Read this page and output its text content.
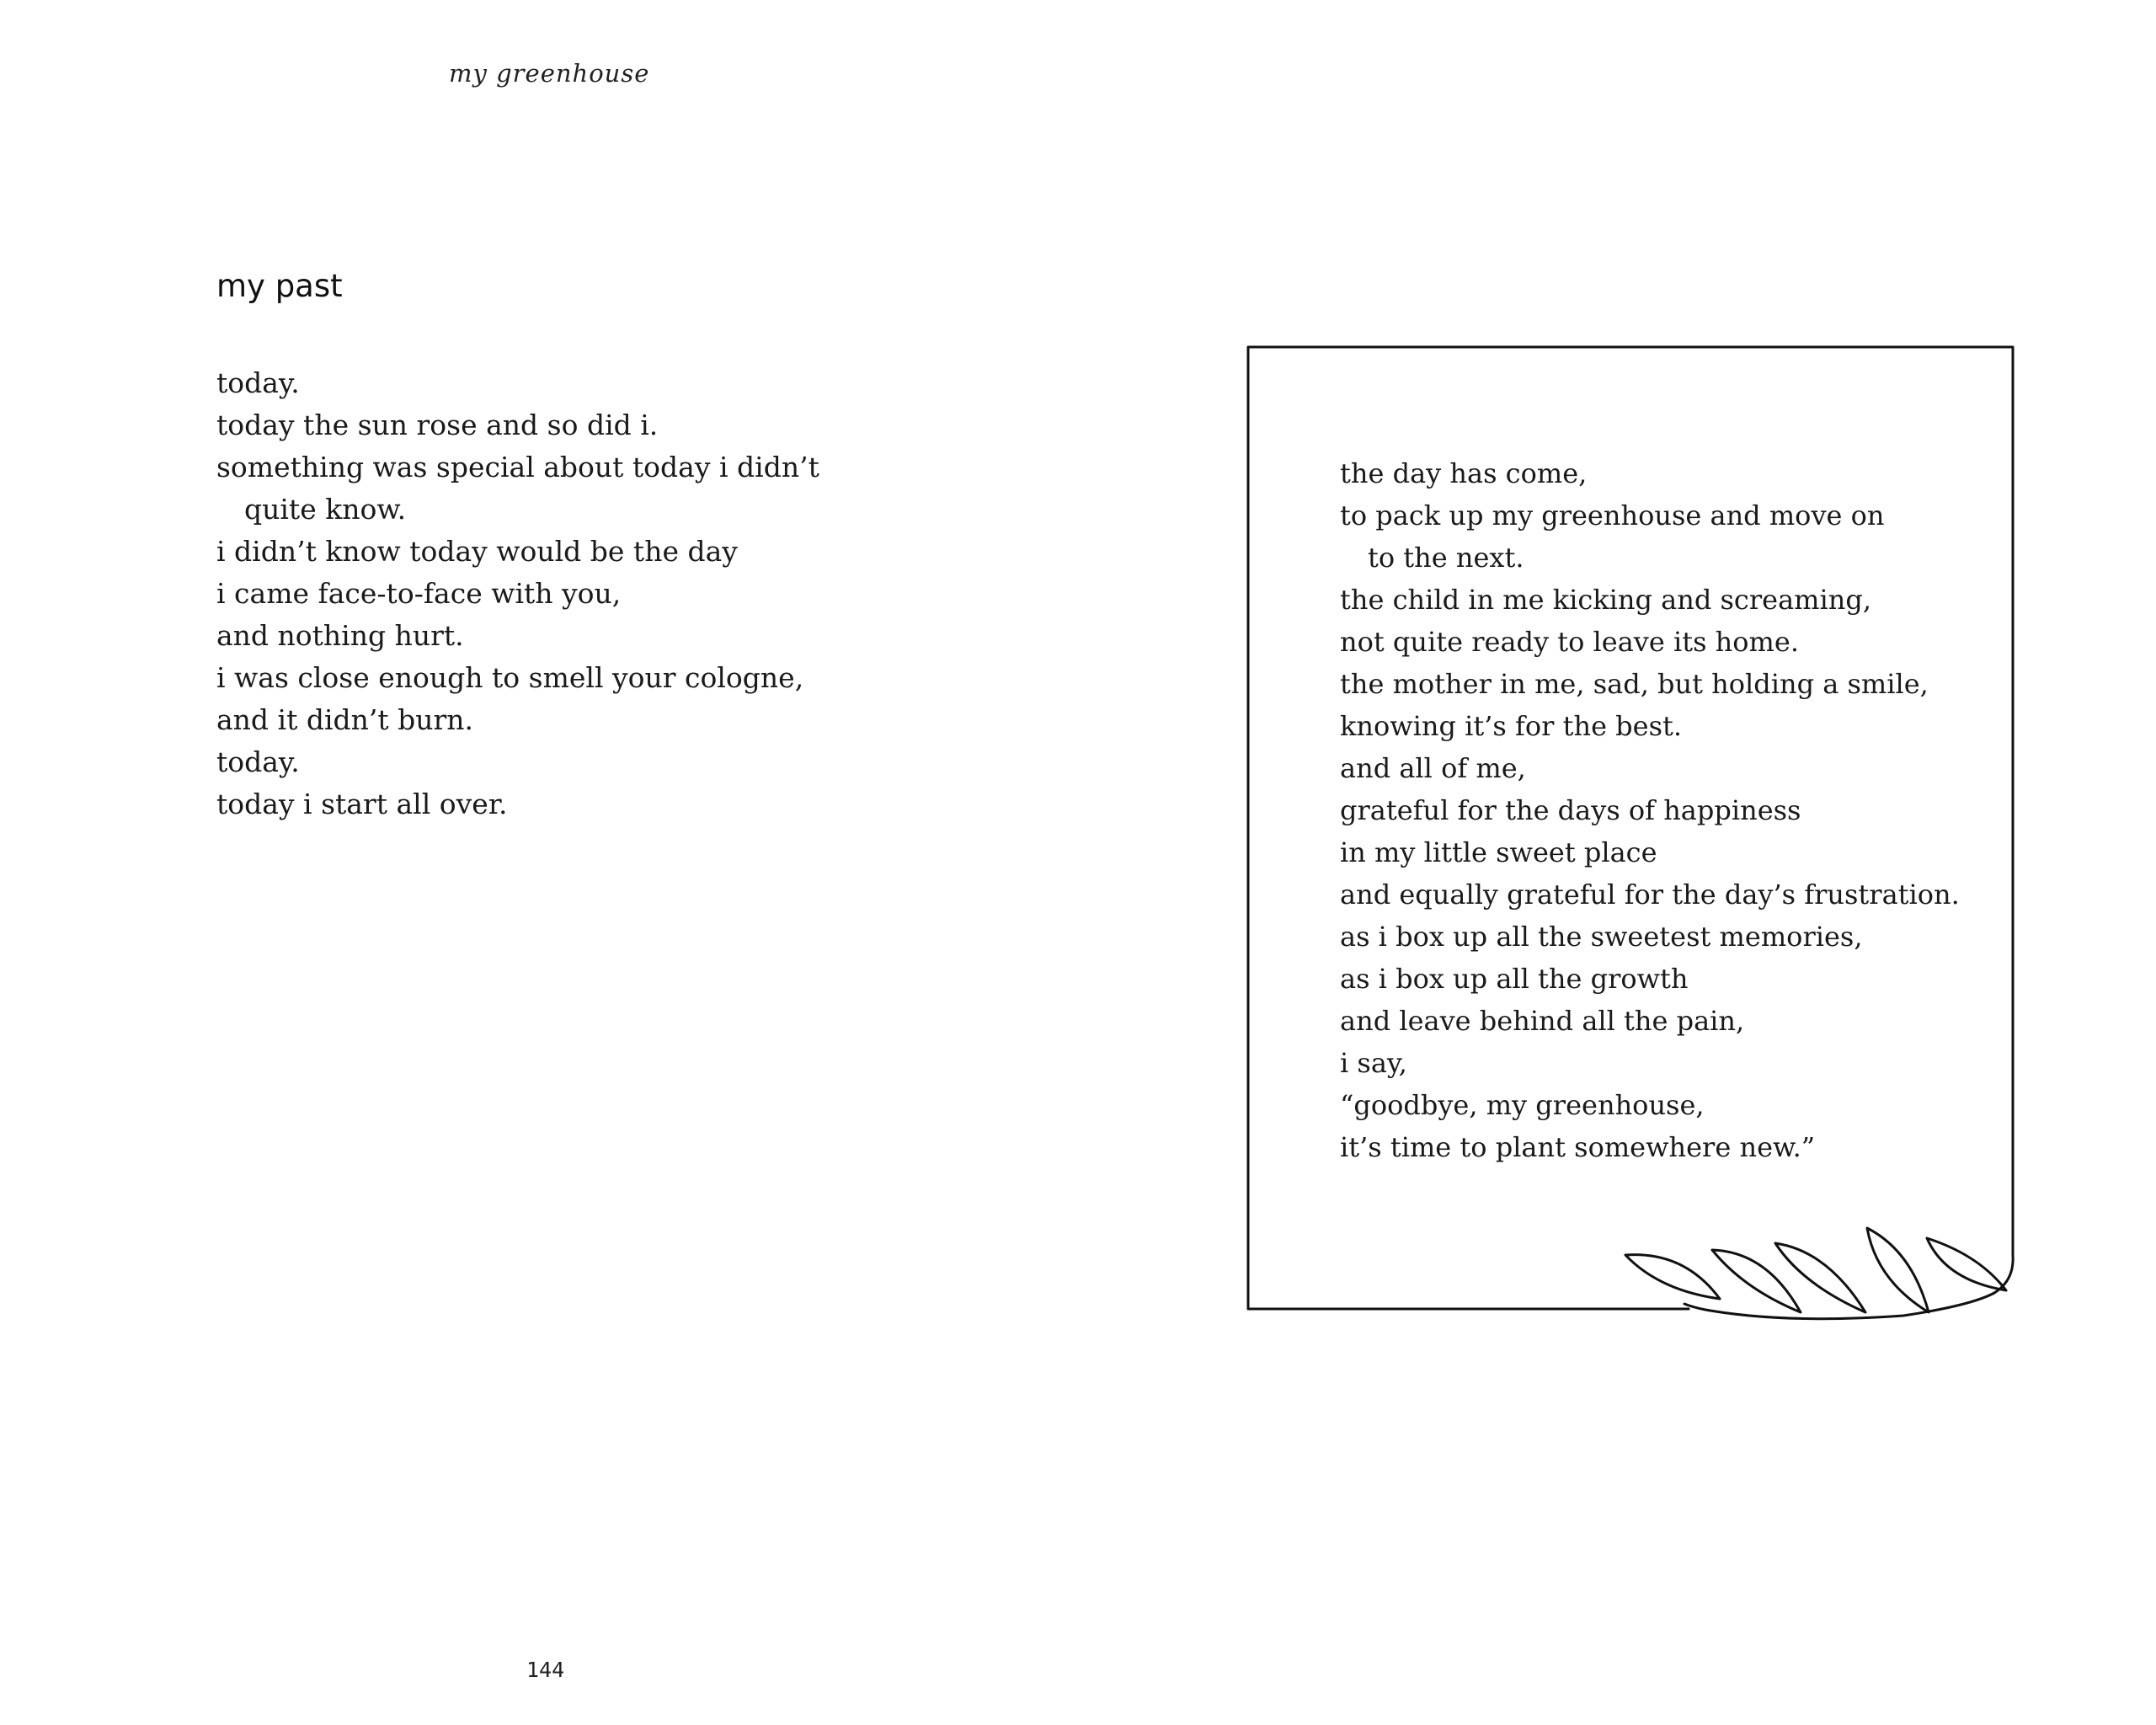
my greenhouse
my past
today.
today the sun rose and so did i.
something was special about today i didn’t
quite know.
i didn’t know today would be the day
i came face-to-face with you,
and nothing hurt.
i was close enough to smell your cologne,
and it didn’t burn.
today.
today i start all over.
the day has come,
to pack up my greenhouse and move on
to the next.
the child in me kicking and screaming,
not quite ready to leave its home.
the mother in me, sad, but holding a smile,
knowing it’s for the best.
and all of me,
grateful for the days of happiness
in my little sweet place
and equally grateful for the day’s frustration.
as i box up all the sweetest memories,
as i box up all the growth
and leave behind all the pain,
i say,
“goodbye, my greenhouse,
it’s time to plant somewhere new.”
144
